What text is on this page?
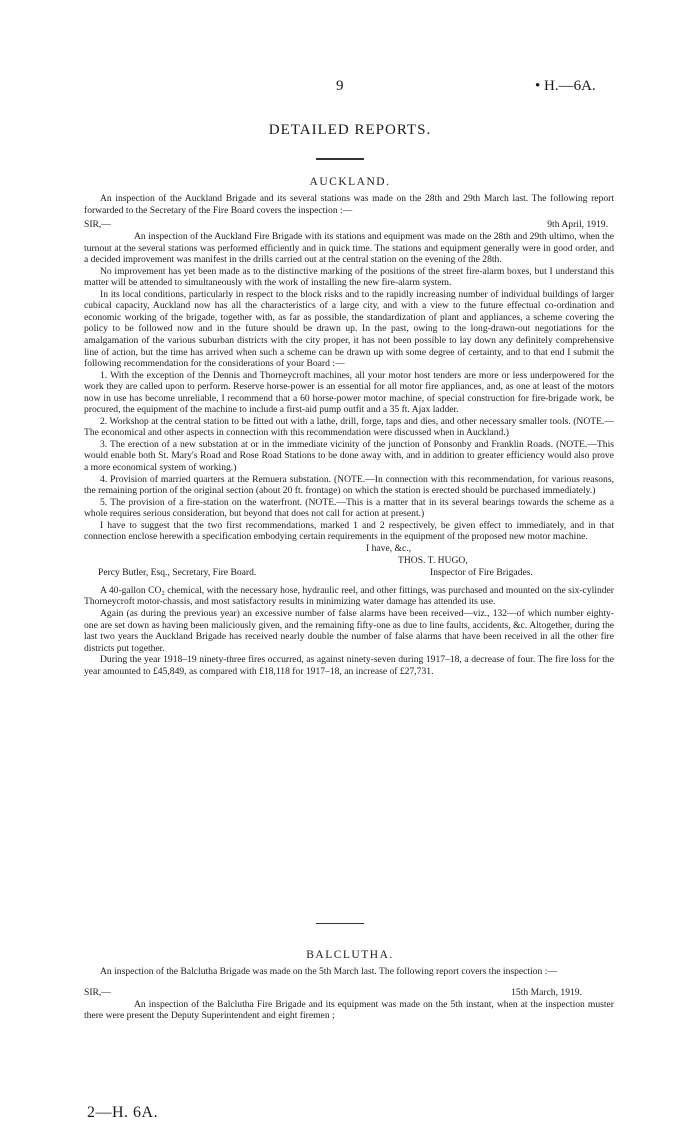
9	• H.—6A.
DETAILED REPORTS.
AUCKLAND.

An inspection of the Auckland Brigade and its several stations was made on the 28th and 29th March last. The following report forwarded to the Secretary of the Fire Board covers the inspection :—

SIR,—	9th April, 1919.

An inspection of the Auckland Fire Brigade with its stations and equipment was made on the 28th and 29th ultimo, when the turnout at the several stations was performed efficiently and in quick time. The stations and equipment generally were in good order, and a decided improvement was manifest in the drills carried out at the central station on the evening of the 28th.

No improvement has yet been made as to the distinctive marking of the positions of the street fire-alarm boxes, but I understand this matter will be attended to simultaneously with the work of installing the new fire-alarm system.

In its local conditions, particularly in respect to the block risks and to the rapidly increasing number of individual buildings of larger cubical capacity, Auckland now has all the characteristics of a large city, and with a view to the future effectual co-ordination and economic working of the brigade, together with, as far as possible, the standardization of plant and appliances, a scheme covering the policy to be followed now and in the future should be drawn up. In the past, owing to the long-drawn-out negotiations for the amalgamation of the various suburban districts with the city proper, it has not been possible to lay down any definitely comprehensive line of action, but the time has arrived when such a scheme can be drawn up with some degree of certainty, and to that end I submit the following recommendation for the considerations of your Board :—

1. With the exception of the Dennis and Thorneycroft machines, all your motor host tenders are more or less underpowered for the work they are called upon to perform. Reserve horse-power is an essential for all motor fire appliances, and, as one at least of the motors now in use has become unreliable, I recommend that a 60 horse-power motor machine, of special construction for fire-brigade work, be procured, the equipment of the machine to include a first-aid pump outfit and a 35 ft. Ajax ladder.

2. Workshop at the central station to be fitted out with a lathe, drill, forge, taps and dies, and other necessary smaller tools. (NOTE.—The economical and other aspects in connection with this recommendation were discussed when in Auckland.)

3. The erection of a new substation at or in the immediate vicinity of the junction of Ponsonby and Franklin Roads. (NOTE.—This would enable both St. Mary's Road and Rose Road Stations to be done away with, and in addition to greater efficiency would also prove a more economical system of working.)

4. Provision of married quarters at the Remuera substation. (NOTE.—In connection with this recommendation, for various reasons, the remaining portion of the original section (about 20 ft. frontage) on which the station is erected should be purchased immediately.)

5. The provision of a fire-station on the waterfront. (NOTE.—This is a matter that in its several bearings towards the scheme as a whole requires serious consideration, but beyond that does not call for action at present.)

I have to suggest that the two first recommendations, marked 1 and 2 respectively, be given effect to immediately, and in that connection enclose herewith a specification embodying certain requirements in the equipment of the proposed new motor machine.

I have, &c.,
THOS. T. HUGO,
Percy Butler, Esq., Secretary, Fire Board.	Inspector of Fire Brigades.

A 40-gallon CO₂ chemical, with the necessary hose, hydraulic reel, and other fittings, was purchased and mounted on the six-cylinder Thorneycroft motor-chassis, and most satisfactory results in minimizing water damage has attended its use.

Again (as during the previous year) an excessive number of false alarms have been received—viz., 132—of which number eighty-one are set down as having been maliciously given, and the remaining fifty-one as due to line faults, accidents, &c. Altogether, during the last two years the Auckland Brigade has received nearly double the number of false alarms that have been received in all the other fire districts put together.

During the year 1918–19 ninety-three fires occurred, as against ninety-seven during 1917–18, a decrease of four. The fire loss for the year amounted to £45,849, as compared with £18,118 for 1917–18, an increase of £27,731.

BALCLUTHA.

An inspection of the Balclutha Brigade was made on the 5th March last. The following report covers the inspection :—

SIR,—	15th March, 1919.

An inspection of the Balclutha Fire Brigade and its equipment was made on the 5th instant, when at the inspection muster there were present the Deputy Superintendent and eight firemen ;

2—H. 6A.
